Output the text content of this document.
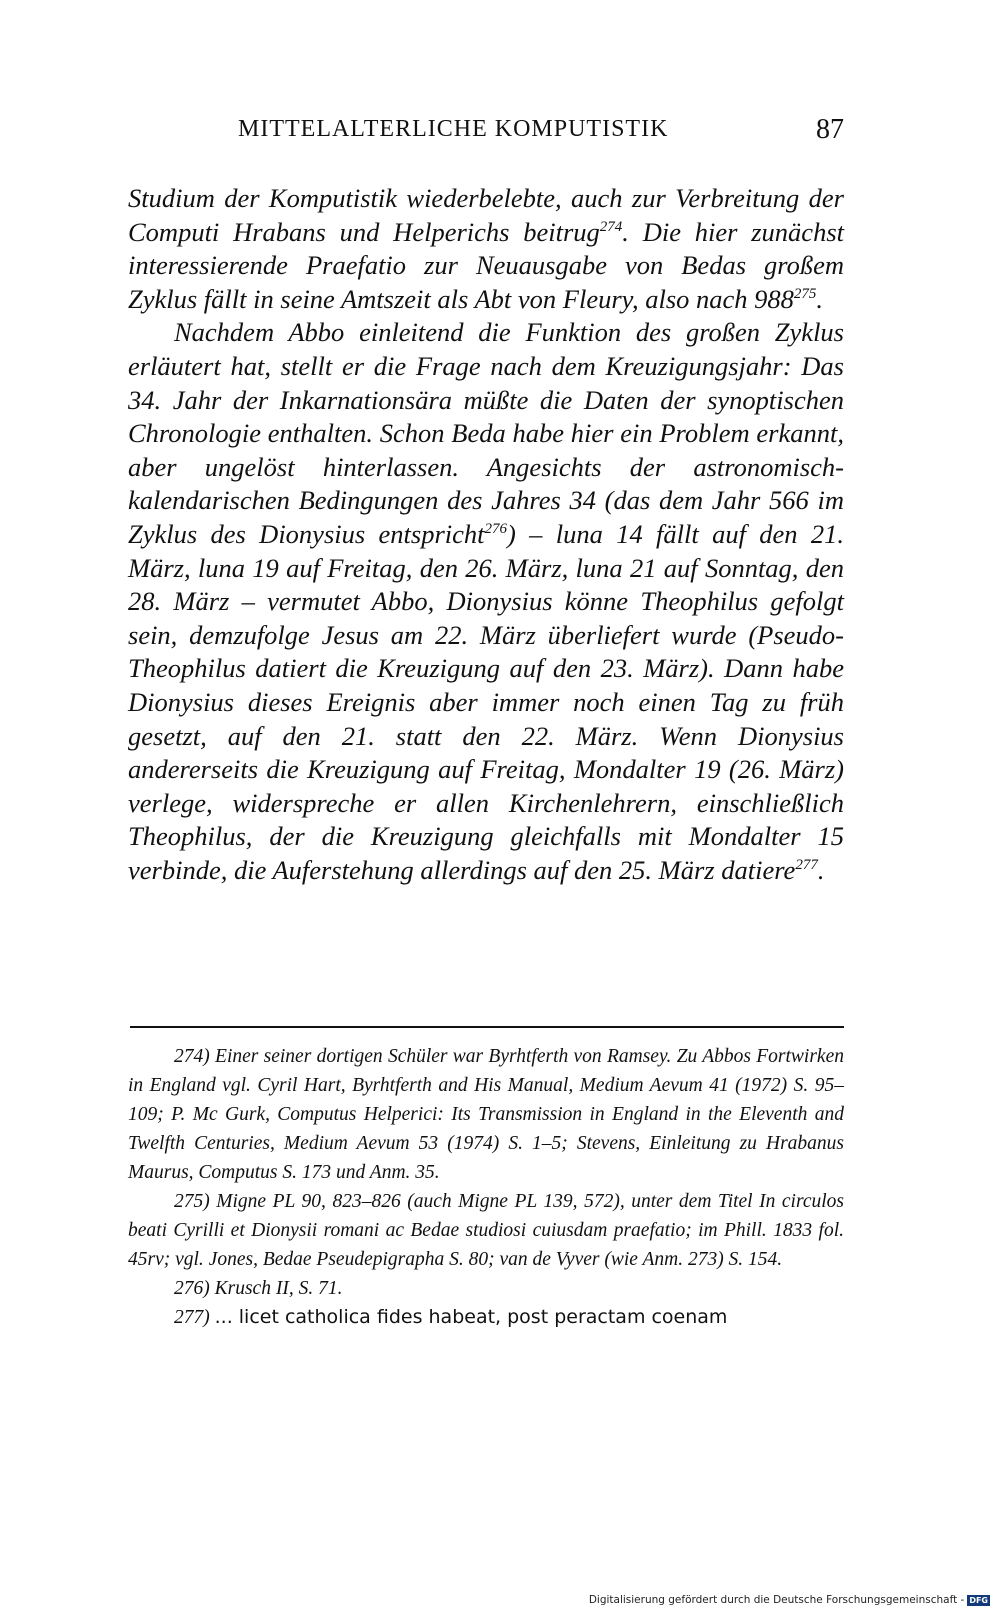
MITTELALTERLICHE KOMPUTISTIK	87

Studium der Komputistik wiederbelebte, auch zur Verbreitung der Computi Hrabans und Helperichs beitrug$^{274}$. Die hier zunächst interessierende Praefatio zur Neuausgabe von Bedas großem Zyklus fällt in seine Amtszeit als Abt von Fleury, also nach $988^{275}$.

Nachdem Abbo einleitend die Funktion des großen Zyklus erläutert hat, stellt er die Frage nach dem Kreuzigungsjahr: Das 34. Jahr der Inkarnationsära müßte die Daten der synoptischen Chronologie enthalten. Schon Beda habe hier ein Problem erkannt, aber ungelöst hinterlassen. Angesichts der astronomisch-kalendarischen Bedingungen des Jahres 34 (das dem Jahr 566 im Zyklus des Dionysius entspricht$^{276}$) – luna 14 fällt auf den 21. März, luna 19 auf Freitag, den 26. März, luna 21 auf Sonntag, den 28. März – vermutet Abbo, Dionysius könne Theophilus gefolgt sein, demzufolge Jesus am 22. März überliefert wurde (Pseudo-Theophilus datiert die Kreuzigung auf den 23. März). Dann habe Dionysius dieses Ereignis aber immer noch einen Tag zu früh gesetzt, auf den 21. statt den 22. März. Wenn Dionysius andererseits die Kreuzigung auf Freitag, Mondalter 19 (26. März) verlege, widerspreche er allen Kirchenlehrern, einschließlich Theophilus, der die Kreuzigung gleichfalls mit Mondalter 15 verbinde, die Auferstehung allerdings auf den 25. März datiere$^{277}$.

274) Einer seiner dortigen Schüler war Byrhtferth von Ramsey. Zu Abbos Fortwirken in England vgl. Cyril Hart, Byrhtferth and His Manual, Medium Aevum 41 (1972) S. 95–109; P. Mc Gurk, Computus Helperici: Its Transmission in England in the Eleventh and Twelfth Centuries, Medium Aevum 53 (1974) S. 1–5; Stevens, Einleitung zu Hrabanus Maurus, Computus S. 173 und Anm. 35.

275) Migne PL 90, 823–826 (auch Migne PL 139, 572), unter dem Titel In circulos beati Cyrilli et Dionysii romani ac Bedae studiosi cuiusdam praefatio; im Phill. 1833 fol. 45rv; vgl. Jones, Bedae Pseudepigrapha S. 80; van de Vyver (wie Anm. 273) S. 154.

276) Krusch II, S. 71.

277) ... licet catholica fides habeat, post peractam coenam

Digitalisierung gefördert durch die Deutsche Forschungsgemeinschaft - DFG
